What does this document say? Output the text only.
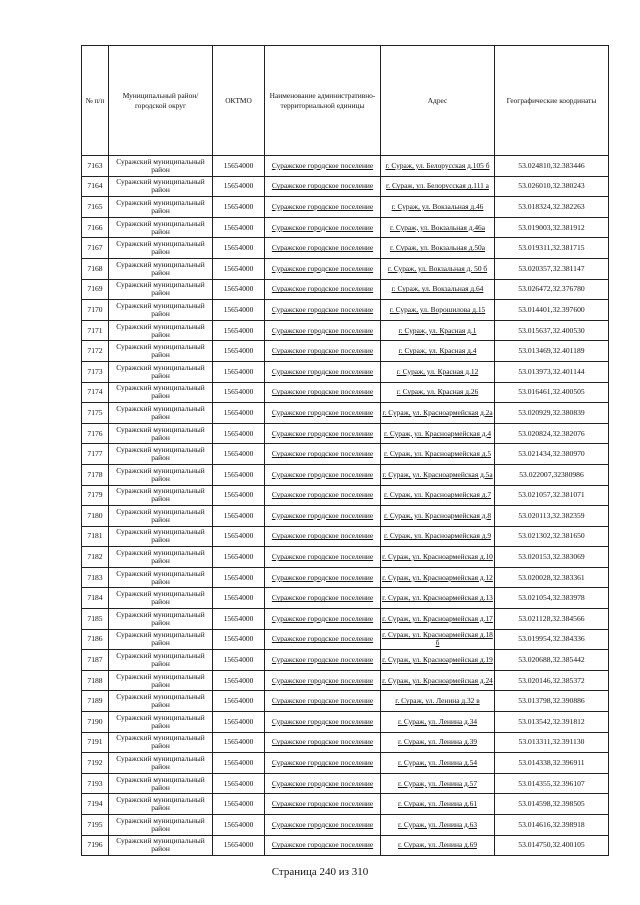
№ п/п	Муниципальный район/городской округ	ОКТМО	Наименование административно-территориальной единицы	Адрес	Географические координаты
7163	Суражский муниципальный район	15654000	Суражское городское поселение	г. Сураж, ул. Белорусская д.105 б	53.024810,32.383446
7164	Суражский муниципальный район	15654000	Суражское городское поселение	г. Сураж, ул. Белорусская д.111 а	53.026010,32.380243
7165	Суражский муниципальный район	15654000	Суражское городское поселение	г. Сураж, ул. Вокзальная д.46	53.018324,32.382263
7166	Суражский муниципальный район	15654000	Суражское городское поселение	г. Сураж, ул. Вокзальная д.46а	53.019003,32.381912
7167	Суражский муниципальный район	15654000	Суражское городское поселение	г. Сураж, ул. Вокзальная д.50а	53.019311,32.381715
7168	Суражский муниципальный район	15654000	Суражское городское поселение	г. Сураж, ул. Вокзальная д. 50 б	53.020357,32.381147
7169	Суражский муниципальный район	15654000	Суражское городское поселение	г. Сураж, ул. Вокзальная д.64	53.026472,32.376780
7170	Суражский муниципальный район	15654000	Суражское городское поселение	г. Сураж, ул. Ворошилова д.15	53.014401,32.397600
7171	Суражский муниципальный район	15654000	Суражское городское поселение	г. Сураж, ул. Красная д.1	53.015637,32.400530
7172	Суражский муниципальный район	15654000	Суражское городское поселение	г. Сураж, ул. Красная д.4	53.013469,32.401189
7173	Суражский муниципальный район	15654000	Суражское городское поселение	г. Сураж, ул. Красная д.12	53.013973,32.401144
7174	Суражский муниципальный район	15654000	Суражское городское поселение	г. Сураж, ул. Красная д.26	53.016461,32.400505
7175	Суражский муниципальный район	15654000	Суражское городское поселение	г. Сураж, ул. Красноармейская д.2а	53.020929,32.380839
7176	Суражский муниципальный район	15654000	Суражское городское поселение	г. Сураж, ул. Красноармейская д.4	53.020824,32.382076
7177	Суражский муниципальный район	15654000	Суражское городское поселение	г. Сураж, ул. Красноармейская д.5	53.021434,32.380970
7178	Суражский муниципальный район	15654000	Суражское городское поселение	г. Сураж, ул. Красноармейская д.5а	53.022007,32380986
7179	Суражский муниципальный район	15654000	Суражское городское поселение	г. Сураж, ул. Красноармейская д.7	53.021057,32.381071
7180	Суражский муниципальный район	15654000	Суражское городское поселение	г. Сураж, ул. Красноармейская д.8	53.020113,32.382359
7181	Суражский муниципальный район	15654000	Суражское городское поселение	г. Сураж, ул. Красноармейская д.9	53.021302,32.381650
7182	Суражский муниципальный район	15654000	Суражское городское поселение	г. Сураж, ул. Красноармейская д.10	53.020153,32.383069
7183	Суражский муниципальный район	15654000	Суражское городское поселение	г. Сураж, ул. Красноармейская д.12	53.020028,32.383361
7184	Суражский муниципальный район	15654000	Суражское городское поселение	г. Сураж, ул. Красноармейская д.13	53.021054,32.383978
7185	Суражский муниципальный район	15654000	Суражское городское поселение	г. Сураж, ул. Красноармейская д.17	53.021128,32.384566
7186	Суражский муниципальный район	15654000	Суражское городское поселение	г. Сураж, ул. Красноармейская д.18 б	53.019954,32.384336
7187	Суражский муниципальный район	15654000	Суражское городское поселение	г. Сураж, ул. Красноармейская д.19	53.020688,32.385442
7188	Суражский муниципальный район	15654000	Суражское городское поселение	г. Сураж, ул. Красноармейская д.24	53.020146,32.385372
7189	Суражский муниципальный район	15654000	Суражское городское поселение	г. Сураж, ул. Ленина д.32 в	53.013798,32.390886
7190	Суражский муниципальный район	15654000	Суражское городское поселение	г. Сураж, ул. Ленина д.34	53.013542,32.391812
7191	Суражский муниципальный район	15654000	Суражское городское поселение	г. Сураж, ул. Ленина д.39	53.013311,32.391130
7192	Суражский муниципальный район	15654000	Суражское городское поселение	г. Сураж, ул. Ленина д.54	53.014338,32.396911
7193	Суражский муниципальный район	15654000	Суражское городское поселение	г. Сураж, ул. Ленина д.57	53.014355,32.396107
7194	Суражский муниципальный район	15654000	Суражское городское поселение	г. Сураж, ул. Ленина д.61	53.014598,32.398505
7195	Суражский муниципальный район	15654000	Суражское городское поселение	г. Сураж, ул. Ленина д.63	53.014616,32.398918
7196	Суражский муниципальный район	15654000	Суражское городское поселение	г. Сураж, ул. Ленина д.69	53.014750,32.400105
Страница 240 из 310
